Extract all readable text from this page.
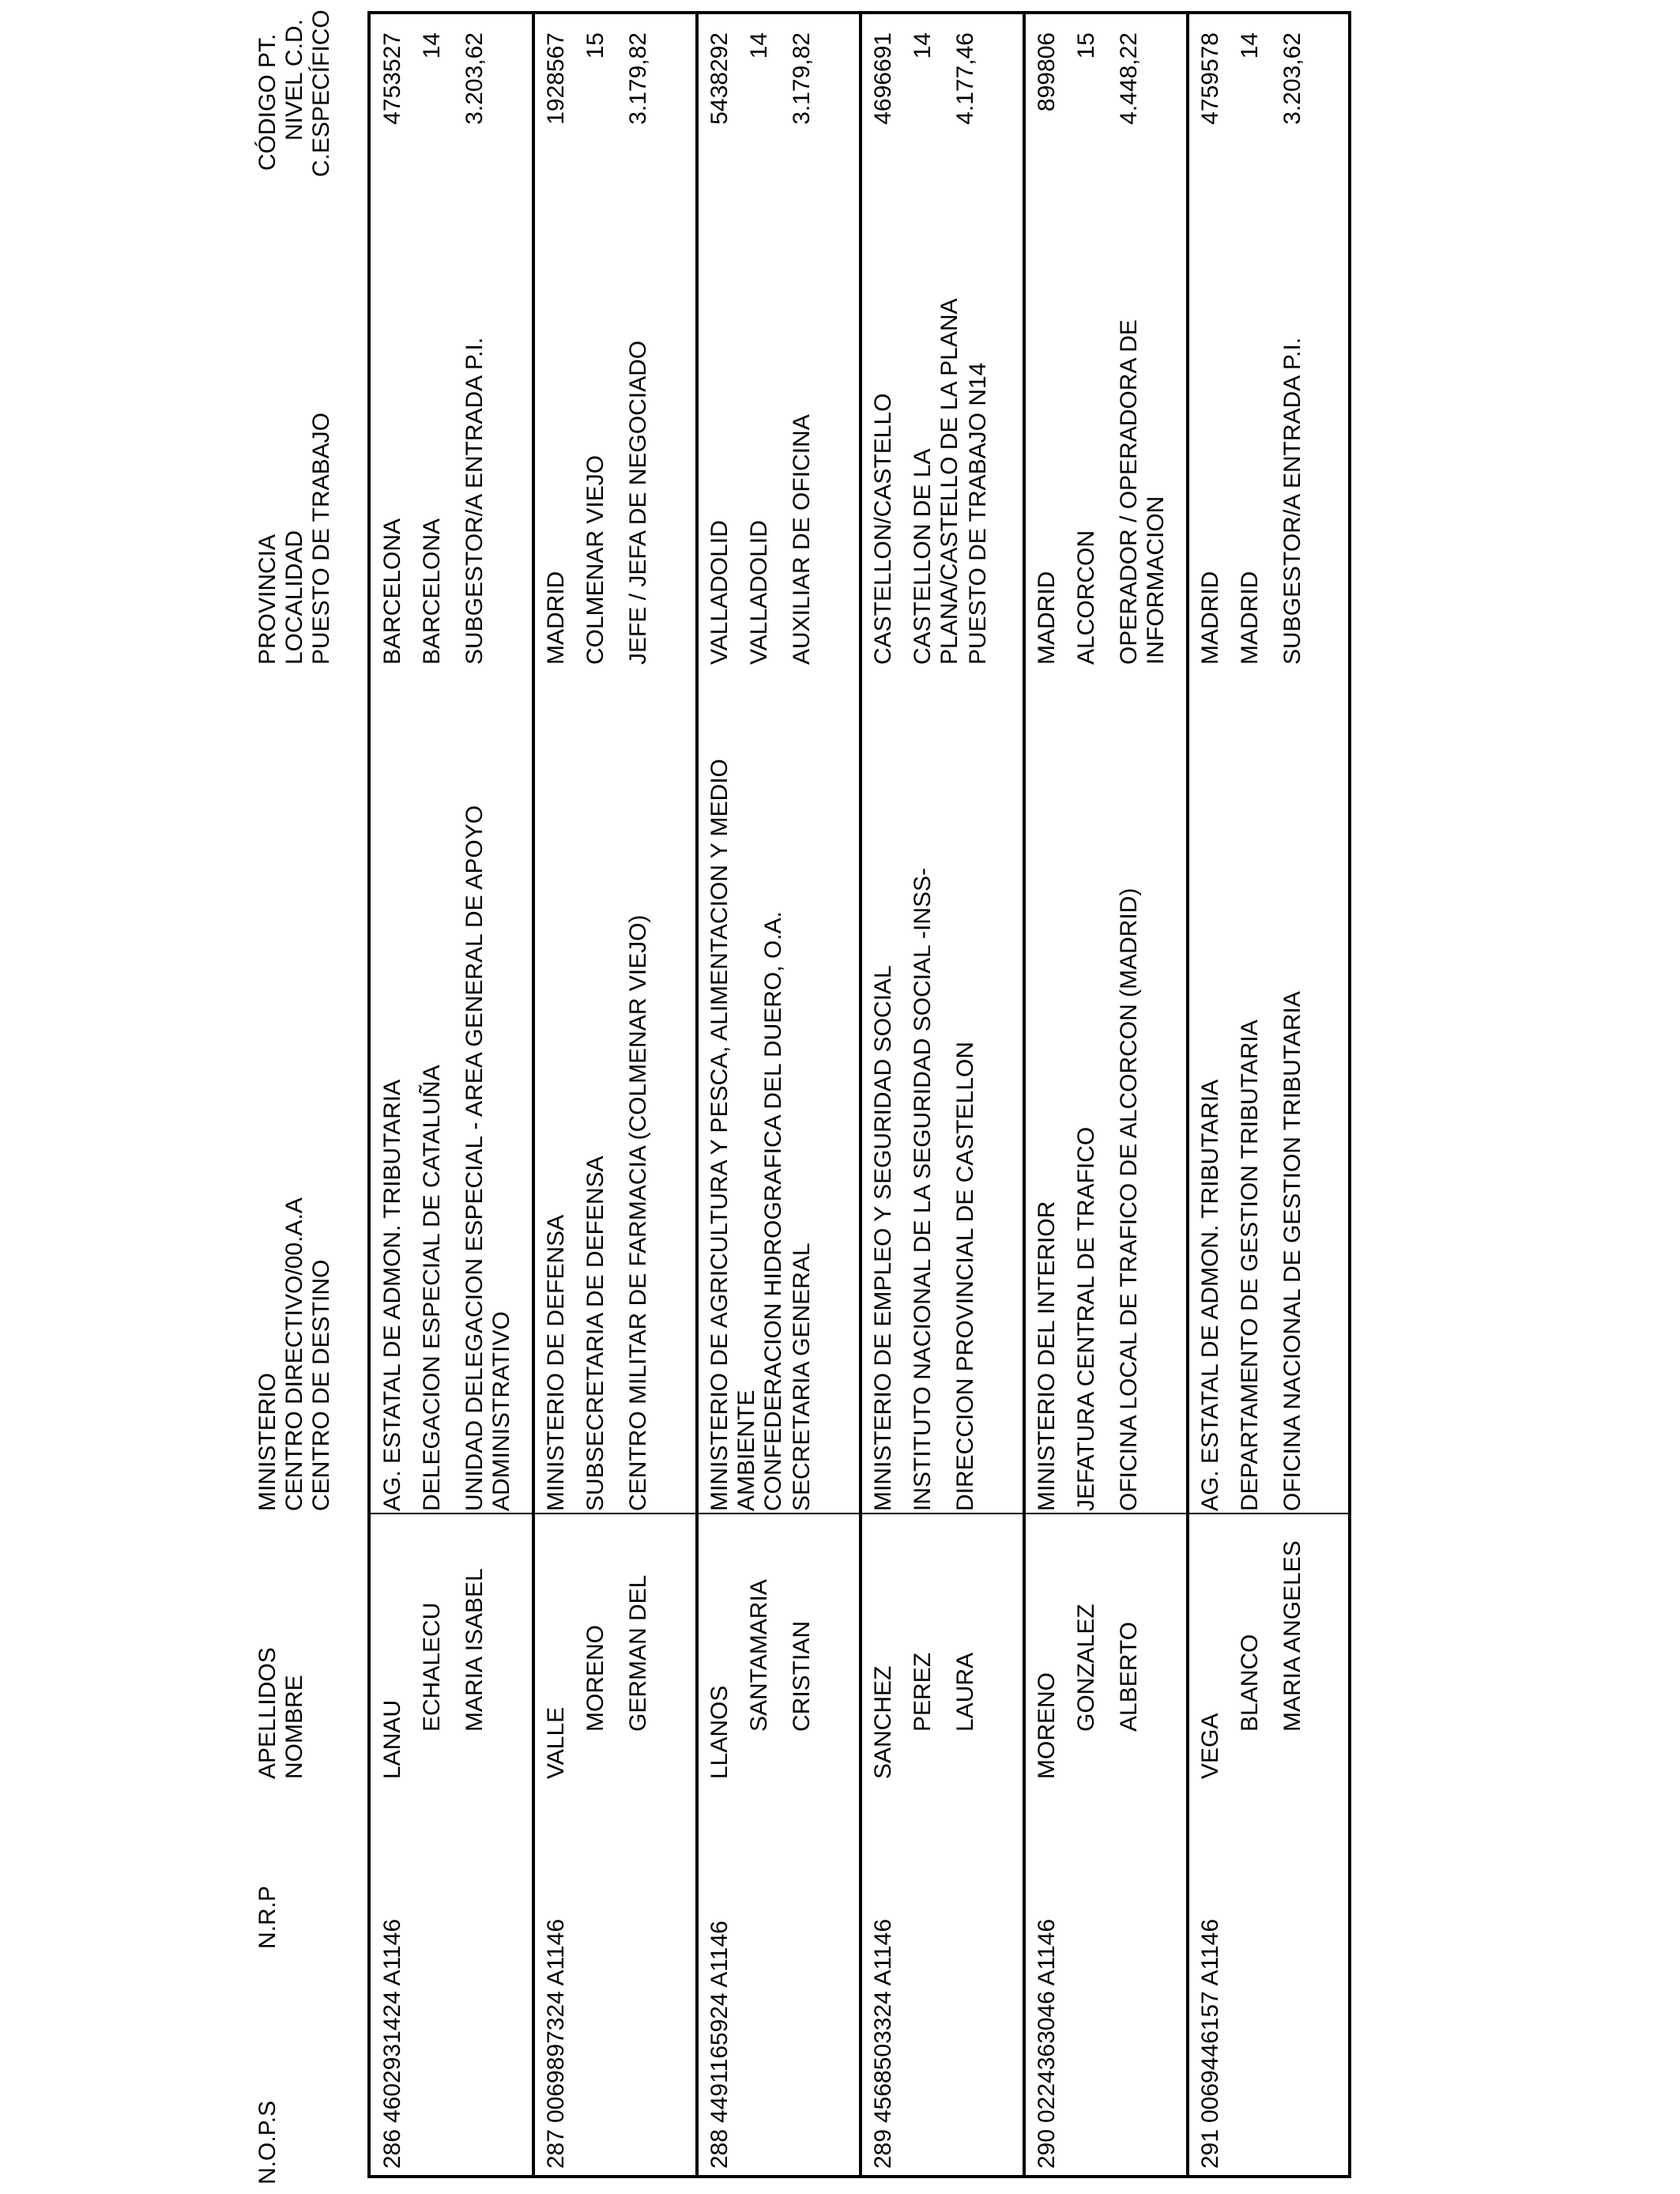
N.O.P.S
N.R.P
APELLIDOS NOMBRE
MINISTERIO CENTRO DIRECTIVO/00.A.A CENTRO DE DESTINO
PROVINCIA LOCALIDAD PUESTO DE TRABAJO
CÓDIGO PT. NIVEL C.D. C.ESPECÍFICO
286
4602931424 A1146
LANAU
ECHALECU MARIA ISABEL
AG. ESTATAL DE ADMON. TRIBUTARIA DELEGACION ESPECIAL DE CATALUÑA UNIDAD DELEGACION ESPECIAL - AREA GENERAL DE APOYO ADMINISTRATIVO
BARCELONA BARCELONA SUBGESTOR/A ENTRADA P.I.
4753527 14 3.203,62
287
0069897324 A1146
VALLE
MORENO GERMAN DEL
MINISTERIO DE DEFENSA SUBSECRETARIA DE DEFENSA CENTRO MILITAR DE FARMACIA (COLMENAR VIEJO)
MADRID COLMENAR VIEJO JEFE / JEFA DE NEGOCIADO
1928567 15 3.179,82
288
4491165924 A1146
LLANOS
SANTAMARIA CRISTIAN
MINISTERIO DE AGRICULTURA Y PESCA, ALIMENTACION Y MEDIO AMBIENTE CONFEDERACION HIDROGRAFICA DEL DUERO, O.A. SECRETARIA GENERAL
VALLADOLID VALLADOLID AUXILIAR DE OFICINA
5438292 14 3.179,82
289
4568503324 A1146
SANCHEZ PEREZ LAURA
MINISTERIO DE EMPLEO Y SEGURIDAD SOCIAL INSTITUTO NACIONAL DE LA SEGURIDAD SOCIAL -INSS- DIRECCION PROVINCIAL DE CASTELLON
CASTELLON/CASTELLO CASTELLON DE LA PLANA/CASTELLO DE LA PLANA PUESTO DE TRABAJO N14
4696691 14 4.177,46
290
0224363046 A1146
MORENO GONZALEZ ALBERTO
MINISTERIO DEL INTERIOR JEFATURA CENTRAL DE TRAFICO OFICINA LOCAL DE TRAFICO DE ALCORCON (MADRID)
MADRID ALCORCON OPERADOR / OPERADORA DE INFORMACION
899806 15 4.448,22
291
0069446157 A1146
VEGA
BLANCO MARIA ANGELES
AG. ESTATAL DE ADMON. TRIBUTARIA DEPARTAMENTO DE GESTION TRIBUTARIA OFICINA NACIONAL DE GESTION TRIBUTARIA
MADRID MADRID SUBGESTOR/A ENTRADA P.I.
4759578 14 3.203,62
